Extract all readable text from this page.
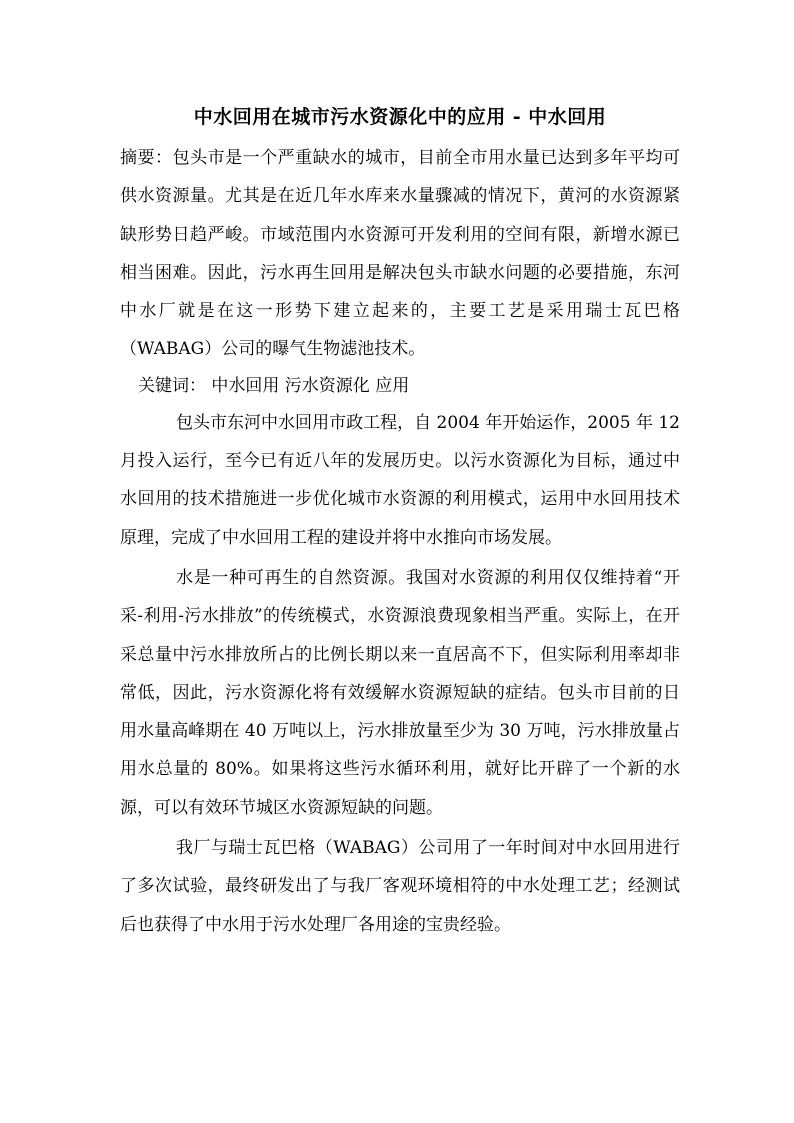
中水回用在城市污水资源化中的应用 - 中水回用

摘要：包头市是一个严重缺水的城市，目前全市用水量已达到多年平均可供水资源量。尤其是在近几年水库来水量骤减的情况下，黄河的水资源紧缺形势日趋严峻。市域范围内水资源可开发利用的空间有限，新增水源已相当困难。因此，污水再生回用是解决包头市缺水问题的必要措施，东河中水厂就是在这一形势下建立起来的，主要工艺是采用瑞士瓦巴格（WABAG）公司的曝气生物滤池技术。

关键词： 中水回用 污水资源化 应用

包头市东河中水回用市政工程，自 2004 年开始运作，2005 年 12 月投入运行，至今已有近八年的发展历史。以污水资源化为目标，通过中水回用的技术措施进一步优化城市水资源的利用模式，运用中水回用技术原理，完成了中水回用工程的建设并将中水推向市场发展。

水是一种可再生的自然资源。我国对水资源的利用仅仅维持着“开采-利用-污水排放”的传统模式，水资源浪费现象相当严重。实际上，在开采总量中污水排放所占的比例长期以来一直居高不下，但实际利用率却非常低，因此，污水资源化将有效缓解水资源短缺的症结。包头市目前的日用水量高峰期在 40 万吨以上，污水排放量至少为 30 万吨，污水排放量占用水总量的 80%。如果将这些污水循环利用，就好比开辟了一个新的水源，可以有效环节城区水资源短缺的问题。

我厂与瑞士瓦巴格（WABAG）公司用了一年时间对中水回用进行了多次试验，最终研发出了与我厂客观环境相符的中水处理工艺；经测试后也获得了中水用于污水处理厂各用途的宝贵经验。
